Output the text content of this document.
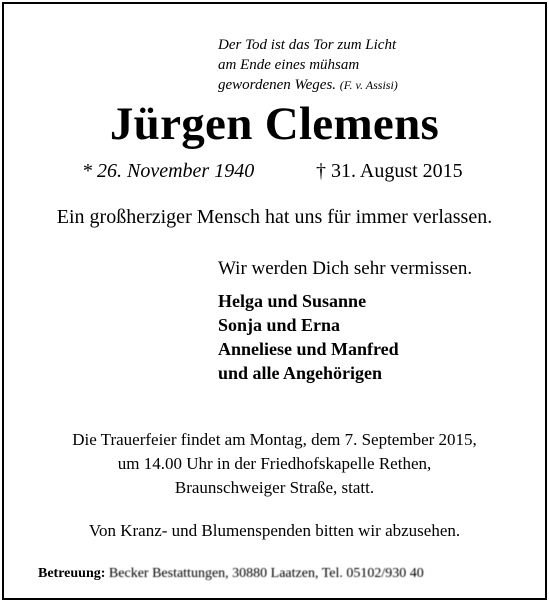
Der Tod ist das Tor zum Licht
am Ende eines mühsam
gewordenen Weges. (F. v. Assisi)
Jürgen Clemens
* 26. November 1940	† 31. August 2015
Ein großherziger Mensch hat uns für immer verlassen.
Wir werden Dich sehr vermissen.
Helga und Susanne
Sonja und Erna
Anneliese und Manfred
und alle Angehörigen
Die Trauerfeier findet am Montag, dem 7. September 2015,
um 14.00 Uhr in der Friedhofskapelle Rethen,
Braunschweiger Straße, statt.
Von Kranz- und Blumenspenden bitten wir abzusehen.
Betreuung: Becker Bestattungen, 30880 Laatzen, Tel. 05102/930 40
